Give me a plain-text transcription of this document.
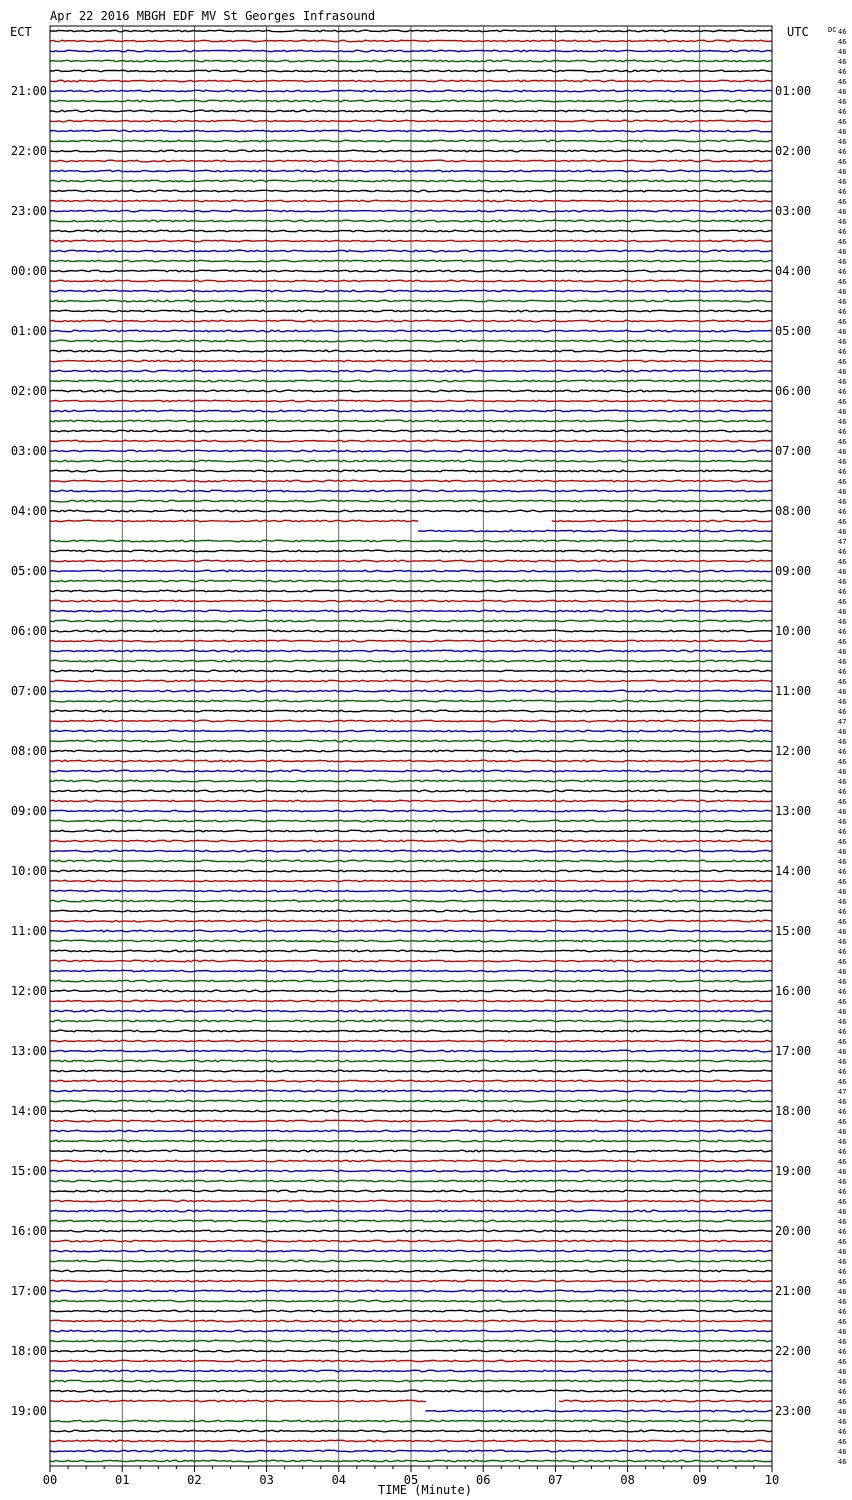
Apr 22 2016 MBGH EDF MV St Georges Infrasound
ECT	UTC	DC
00	01	02	03	04	05	06	07	08	09	10
21:00	01:00
22:00	02:00
23:00	03:00
00:00	04:00
01:00	05:00
02:00	06:00
03:00	07:00
04:00	08:00
05:00	09:00
06:00	10:00
07:00	11:00
08:00	12:00
09:00	13:00
10:00	14:00
11:00	15:00
12:00	16:00
13:00	17:00
14:00	18:00
15:00	19:00
16:00	20:00
17:00	21:00
18:00	22:00
19:00	23:00
46
46
46
46
46
46
46
46
46
46
46
46
46
46
46
46
46
46
46
46
46
46
46
46
46
46
46
46
46
46
46
46
46
46
46
46
46
46
46
46
46
46
46
46
46
46
46
46
46
46
46
47
46
46
46
46
46
46
46
46
46
46
46
46
46
46
46
46
46
47
46
46
46
46
46
46
46
46
46
46
46
46
46
46
46
46
46
46
46
46
46
46
46
46
46
46
46
46
46
46
46
46
46
46
46
46
47
46
46
46
46
46
46
46
46
46
46
46
46
46
46
46
46
46
46
46
46
46
46
46
46
46
46
46
46
46
46
46
46
46
46
46
46
46
TIME (Minute)
